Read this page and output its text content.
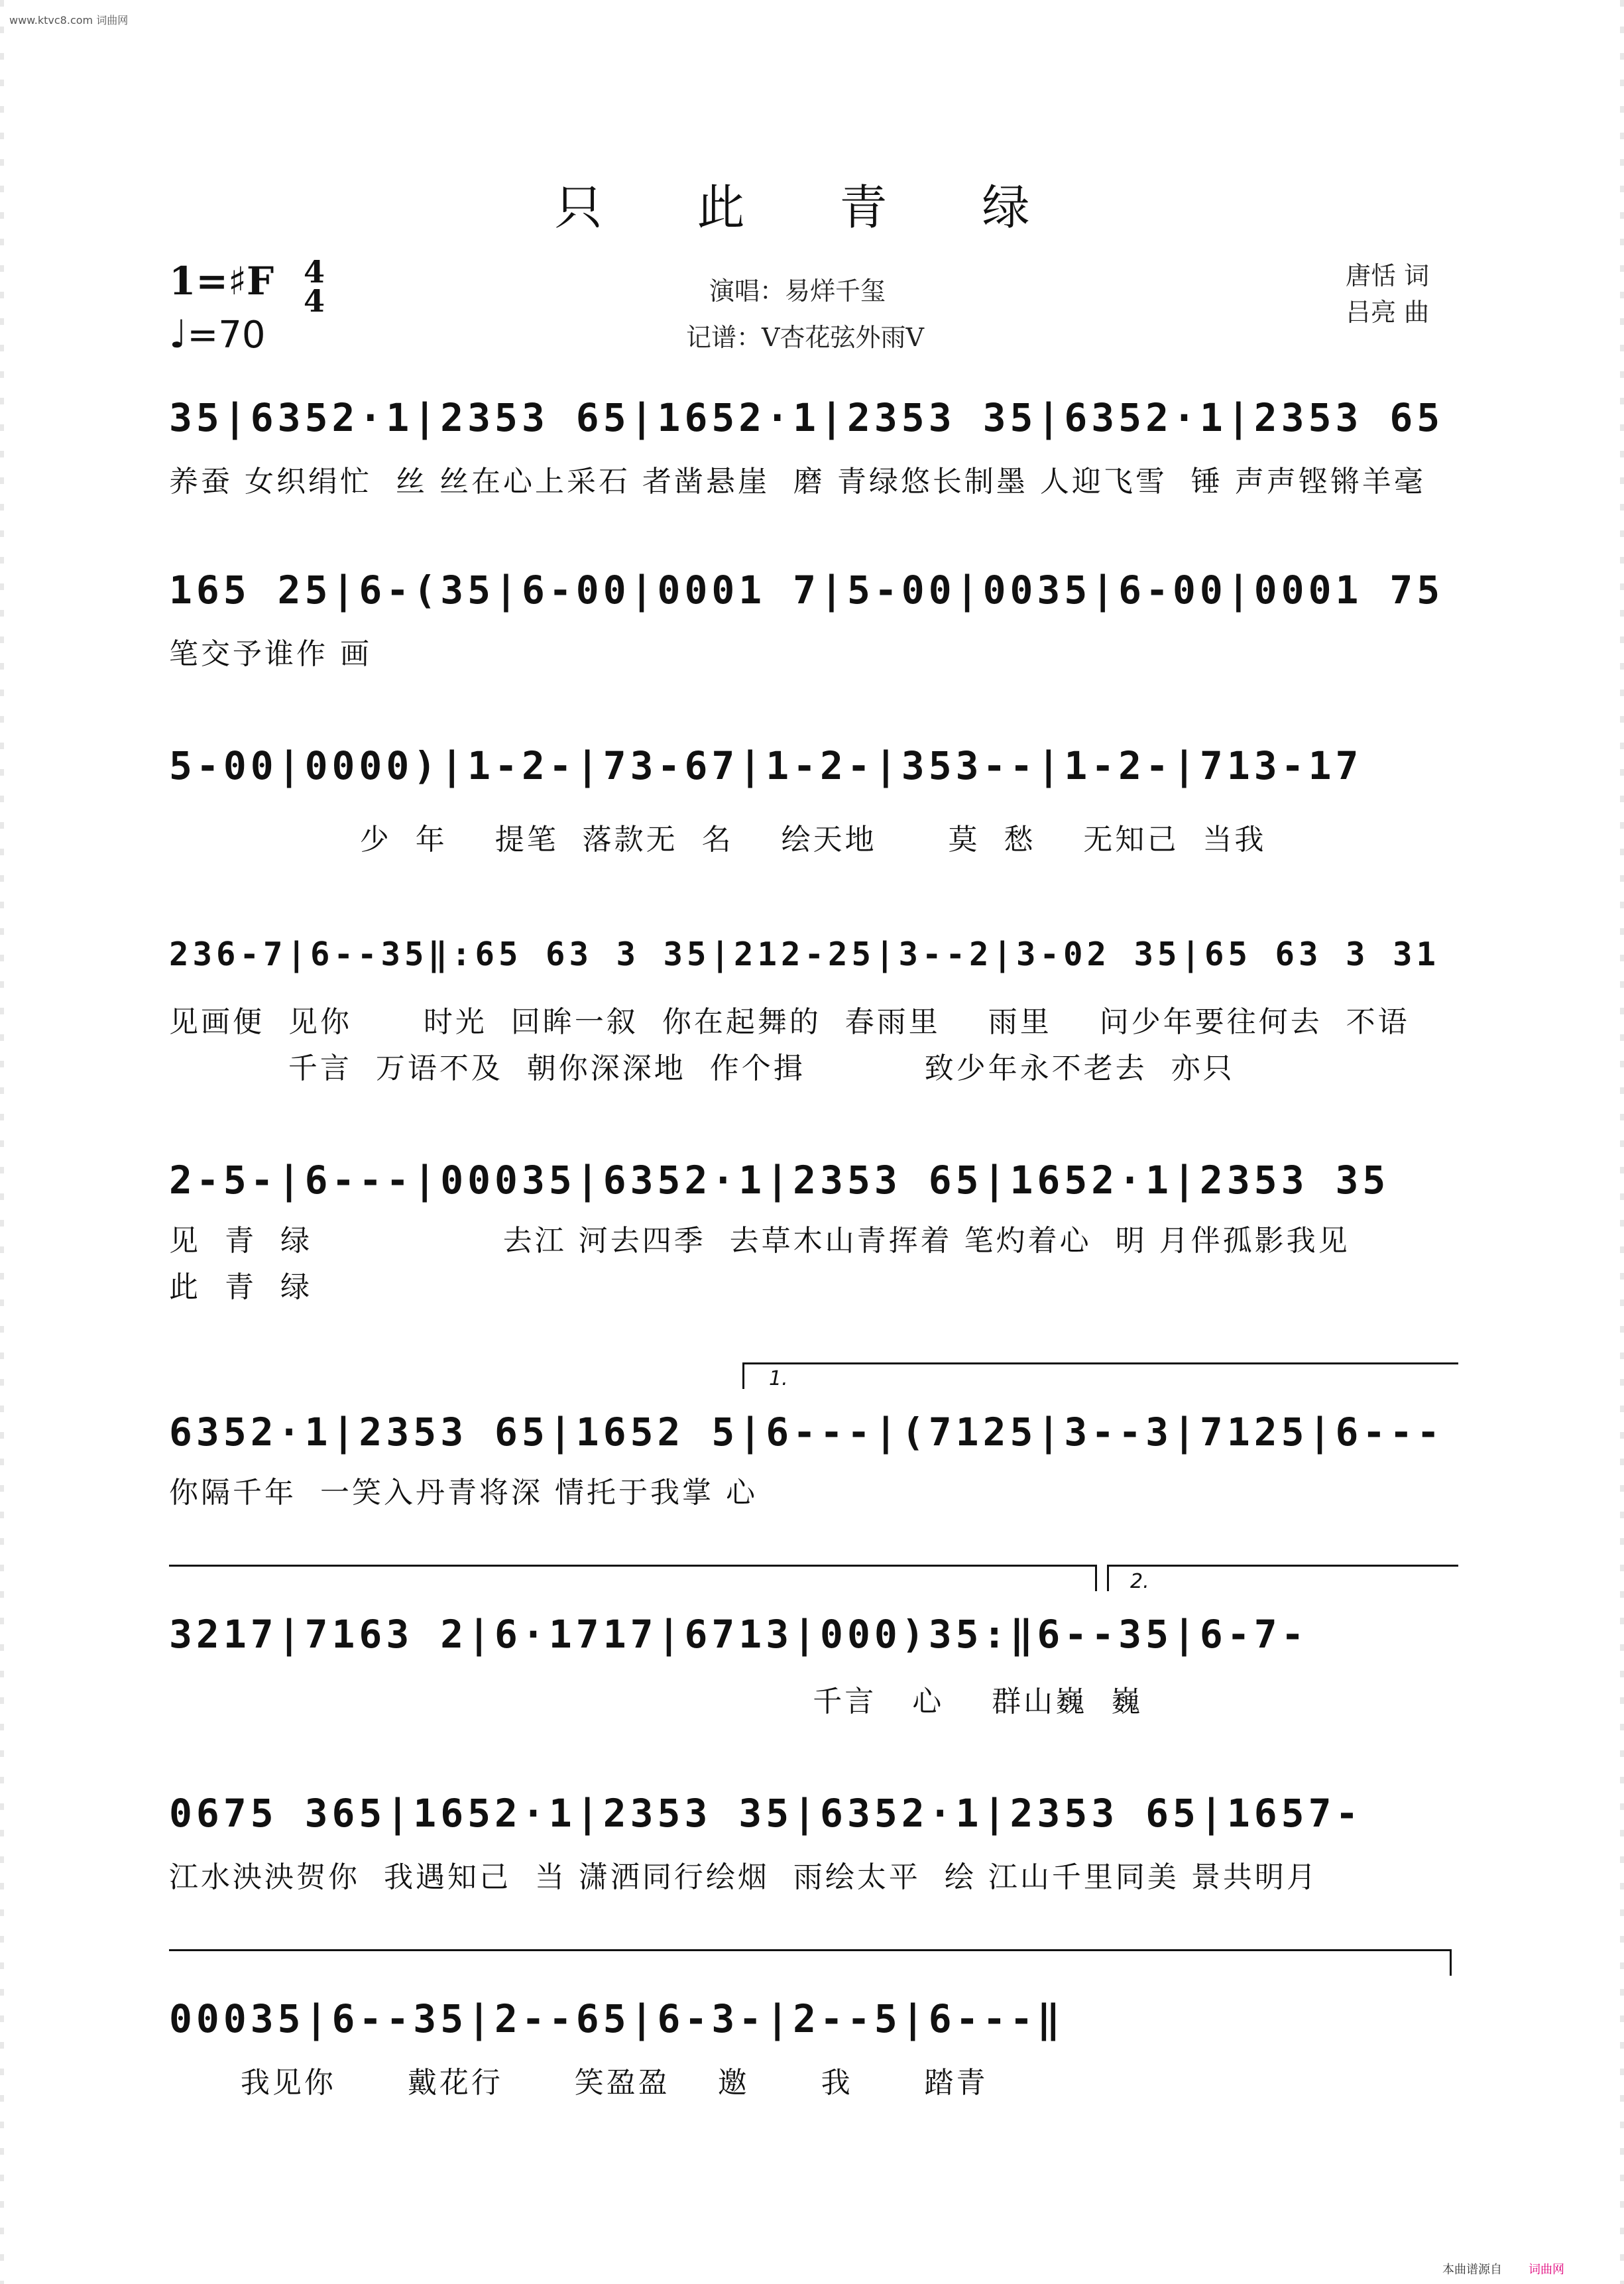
www.ktvc8.com 词曲网
只 此 青 绿
1=♯F 4
4
♩=70
演唱：易烊千玺
记谱：V杏花弦外雨V
唐恬 词
吕亮 曲
35|6352·1|2353 65|1652·1|2353 35|6352·1|2353 65
养蚕 女织绢忙  丝 丝在心上采石 者凿悬崖  磨 青绿悠长制墨 人迎飞雪  锤 声声铿锵羊毫
165 25|6-(35|6-00|0001 7|5-00|0035|6-00|0001 75
笔交予谁作 画
5-00|0000)|1-2-|73-67|1-2-|353--|1-2-|713-17
少  年    提笔  落款无  名    绘天地      莫  愁    无知己  当我
236-7|6--35‖:65 63 3 35|212-25|3--2|3-02 35|65 63 3 31
见画便  见你      时光  回眸一叙  你在起舞的  春雨里    雨里    问少年要往何去  不语
千言  万语不及  朝你深深地  作个揖          致少年永不老去  亦只
2-5-|6---|00035|6352·1|2353 65|1652·1|2353 35
见  青  绿                去江 河去四季  去草木山青挥着 笔灼着心  明 月伴孤影我见
此  青  绿
1.
6352·1|2353 65|1652 5|6---|(7125|3--3|7125|6---
你隔千年  一笑入丹青将深 情托于我掌 心
2.
3217|7163 2|6·1717|6713|000)35:‖6--35|6-7-
千言   心    群山巍  巍
0675 365|1652·1|2353 35|6352·1|2353 65|1657-
江水泱泱贺你  我遇知己  当 潇洒同行绘烟  雨绘太平  绘 江山千里同美 景共明月
00035|6--35|2--65|6-3-|2--5|6---‖
我见你      戴花行      笑盈盈    邀      我      踏青
本曲谱源自 词曲网
